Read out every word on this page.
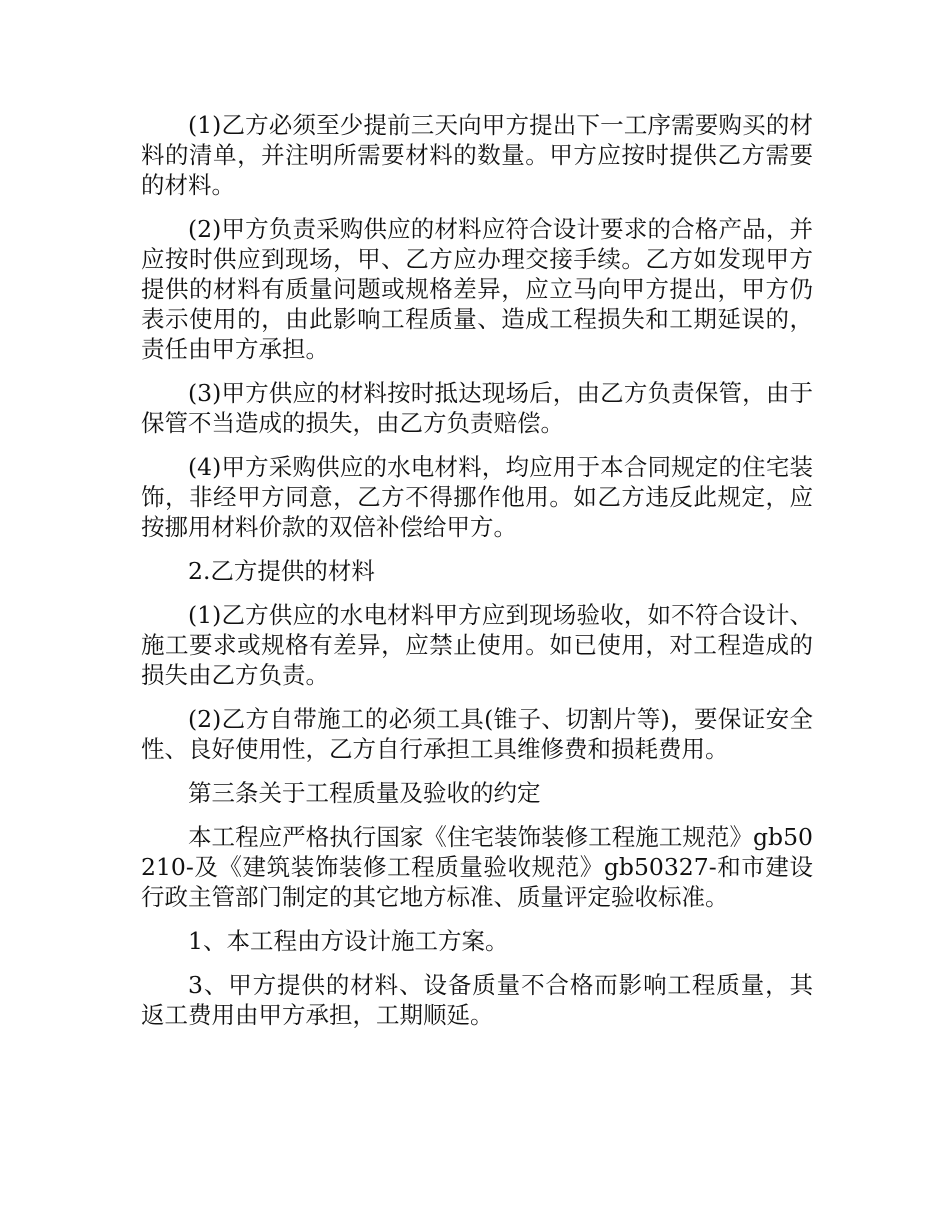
(1)乙方必须至少提前三天向甲方提出下一工序需要购买的材料的清单，并注明所需要材料的数量。甲方应按时提供乙方需要的材料。

(2)甲方负责采购供应的材料应符合设计要求的合格产品，并应按时供应到现场，甲、乙方应办理交接手续。乙方如发现甲方提供的材料有质量问题或规格差异，应立马向甲方提出，甲方仍表示使用的，由此影响工程质量、造成工程损失和工期延误的，责任由甲方承担。

(3)甲方供应的材料按时抵达现场后，由乙方负责保管，由于保管不当造成的损失，由乙方负责赔偿。

(4)甲方采购供应的水电材料，均应用于本合同规定的住宅装饰，非经甲方同意，乙方不得挪作他用。如乙方违反此规定，应按挪用材料价款的双倍补偿给甲方。

2.乙方提供的材料

(1)乙方供应的水电材料甲方应到现场验收，如不符合设计、施工要求或规格有差异，应禁止使用。如已使用，对工程造成的损失由乙方负责。

(2)乙方自带施工的必须工具(锥子、切割片等)，要保证安全性、良好使用性，乙方自行承担工具维修费和损耗费用。

第三条关于工程质量及验收的约定

本工程应严格执行国家《住宅装饰装修工程施工规范》gb50210-及《建筑装饰装修工程质量验收规范》gb50327-和市建设行政主管部门制定的其它地方标准、质量评定验收标准。

1、本工程由方设计施工方案。

3、甲方提供的材料、设备质量不合格而影响工程质量，其返工费用由甲方承担，工期顺延。
